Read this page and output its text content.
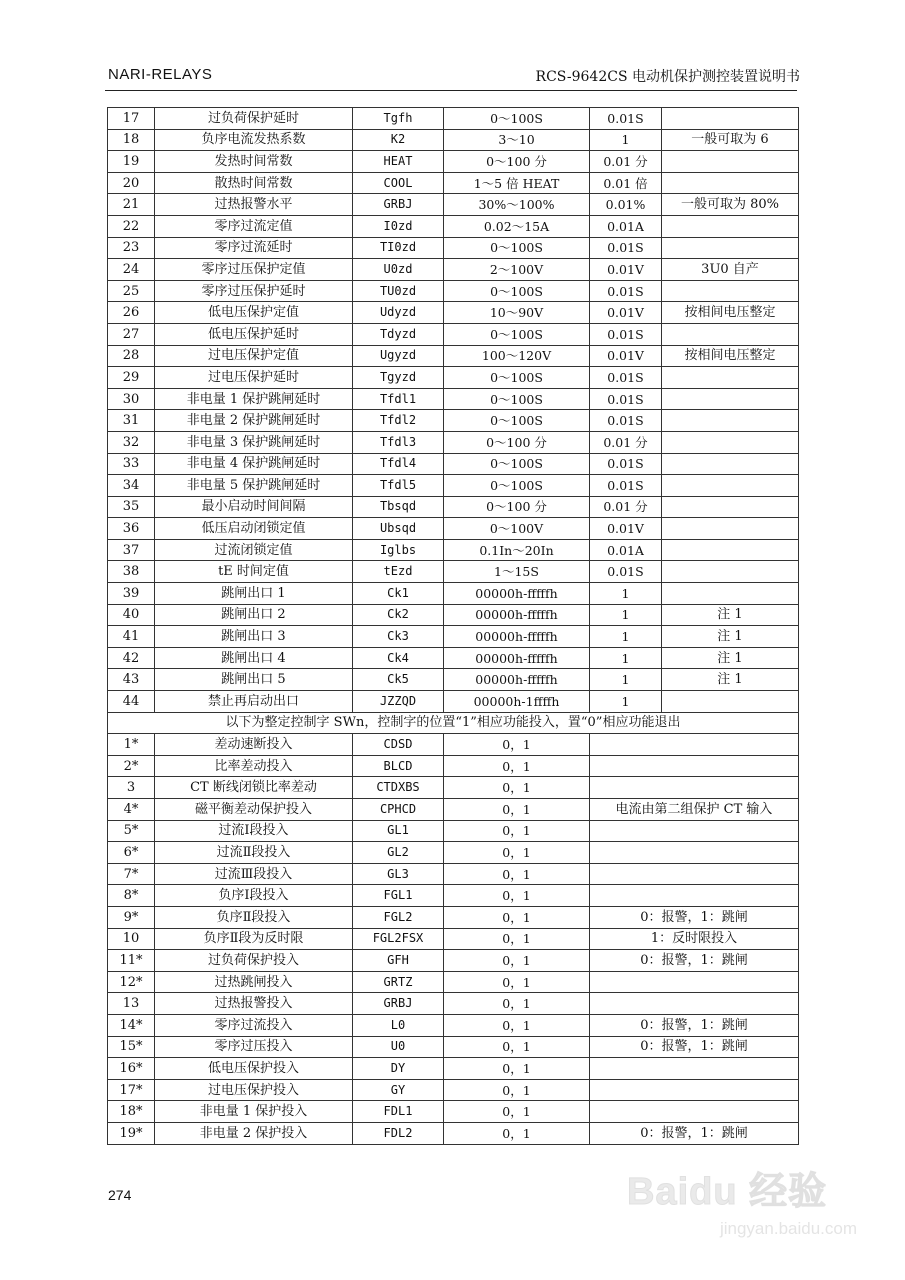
NARI-RELAYS	RCS-9642CS 电动机保护测控装置说明书
17	过负荷保护延时	Tgfh	0～100S	0.01S	
18	负序电流发热系数	K2	3～10	1	一般可取为 6
19	发热时间常数	HEAT	0～100 分	0.01 分	
20	散热时间常数	COOL	1～5 倍 HEAT	0.01 倍	
21	过热报警水平	GRBJ	30%～100%	0.01%	一般可取为 80%
22	零序过流定值	I0zd	0.02～15A	0.01A	
23	零序过流延时	TI0zd	0～100S	0.01S	
24	零序过压保护定值	U0zd	2～100V	0.01V	3U0 自产
25	零序过压保护延时	TU0zd	0～100S	0.01S	
26	低电压保护定值	Udyzd	10～90V	0.01V	按相间电压整定
27	低电压保护延时	Tdyzd	0～100S	0.01S	
28	过电压保护定值	Ugyzd	100～120V	0.01V	按相间电压整定
29	过电压保护延时	Tgyzd	0～100S	0.01S	
30	非电量 1 保护跳闸延时	Tfdl1	0～100S	0.01S	
31	非电量 2 保护跳闸延时	Tfdl2	0～100S	0.01S	
32	非电量 3 保护跳闸延时	Tfdl3	0～100 分	0.01 分	
33	非电量 4 保护跳闸延时	Tfdl4	0～100S	0.01S	
34	非电量 5 保护跳闸延时	Tfdl5	0～100S	0.01S	
35	最小启动时间间隔	Tbsqd	0～100 分	0.01 分	
36	低压启动闭锁定值	Ubsqd	0～100V	0.01V	
37	过流闭锁定值	Iglbs	0.1In～20In	0.01A	
38	tE 时间定值	tEzd	1～15S	0.01S	
39	跳闸出口 1	Ck1	00000h-fffffh	1	
40	跳闸出口 2	Ck2	00000h-fffffh	1	注 1
41	跳闸出口 3	Ck3	00000h-fffffh	1	注 1
42	跳闸出口 4	Ck4	00000h-fffffh	1	注 1
43	跳闸出口 5	Ck5	00000h-fffffh	1	注 1
44	禁止再启动出口	JZZQD	00000h-1ffffh	1	
以下为整定控制字 SWn，控制字的位置“1”相应功能投入，置“0”相应功能退出					
1*	差动速断投入	CDSD	0，1		
2*	比率差动投入	BLCD	0，1		
3	CT 断线闭锁比率差动	CTDXBS	0，1		
4*	磁平衡差动保护投入	CPHCD	0，1	电流由第二组保护 CT 输入	
5*	过流Ⅰ段投入	GL1	0，1		
6*	过流Ⅱ段投入	GL2	0，1		
7*	过流Ⅲ段投入	GL3	0，1		
8*	负序Ⅰ段投入	FGL1	0，1		
9*	负序Ⅱ段投入	FGL2	0，1	0：报警，1：跳闸	
10	负序Ⅱ段为反时限	FGL2FSX	0，1	1：反时限投入	
11*	过负荷保护投入	GFH	0，1	0：报警，1：跳闸	
12*	过热跳闸投入	GRTZ	0，1		
13	过热报警投入	GRBJ	0，1		
14*	零序过流投入	L0	0，1	0：报警，1：跳闸	
15*	零序过压投入	U0	0，1	0：报警，1：跳闸	
16*	低电压保护投入	DY	0，1		
17*	过电压保护投入	GY	0，1		
18*	非电量 1 保护投入	FDL1	0，1		
19*	非电量 2 保护投入	FDL2	0，1	0：报警，1：跳闸	
274	Baidu 经验
jingyan.baidu.com
